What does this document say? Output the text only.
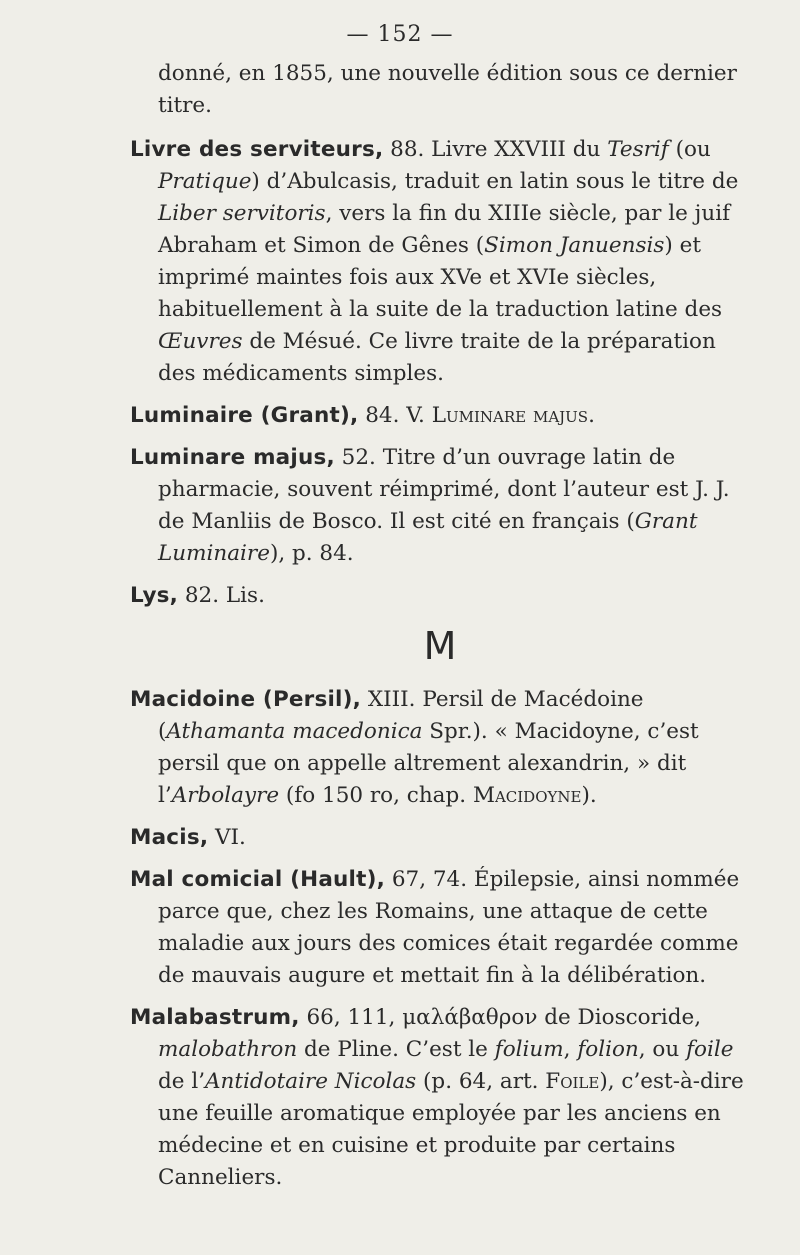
— 152 —

donné, en 1855, une nouvelle édition sous ce dernier titre.

Livre des serviteurs, 88. Livre XXVIII du Tesrif (ou Pratique) d’Abulcasis, traduit en latin sous le titre de Liber servitoris, vers la fin du XIIIe siècle, par le juif Abraham et Simon de Gênes (Simon Januensis) et imprimé maintes fois aux XVe et XVIe siècles, habituellement à la suite de la traduction latine des Œuvres de Mésué. Ce livre traite de la préparation des médicaments simples.

Luminaire (Grant), 84. V. Luminare majus.

Luminare majus, 52. Titre d’un ouvrage latin de pharmacie, souvent réimprimé, dont l’auteur est J. J. de Manliis de Bosco. Il est cité en français (Grant Luminaire), p. 84.

Lys, 82. Lis.

M

Macidoine (Persil), XIII. Persil de Macédoine (Athamanta macedonica Spr.). « Macidoyne, c’est persil que on appelle altrement alexandrin, » dit l’Arbolayre (fo 150 ro, chap. Macidoyne).

Macis, VI.

Mal comicial (Hault), 67, 74. Épilepsie, ainsi nommée parce que, chez les Romains, une attaque de cette maladie aux jours des comices était regardée comme de mauvais augure et mettait fin à la délibération.

Malabastrum, 66, 111, μαλάβαθρον de Dioscoride, malobathron de Pline. C’est le folium, folion, ou foile de l’Antidotaire Nicolas (p. 64, art. Foile), c’est-à-dire une feuille aromatique employée par les anciens en médecine et en cuisine et produite par certains Canneliers.
